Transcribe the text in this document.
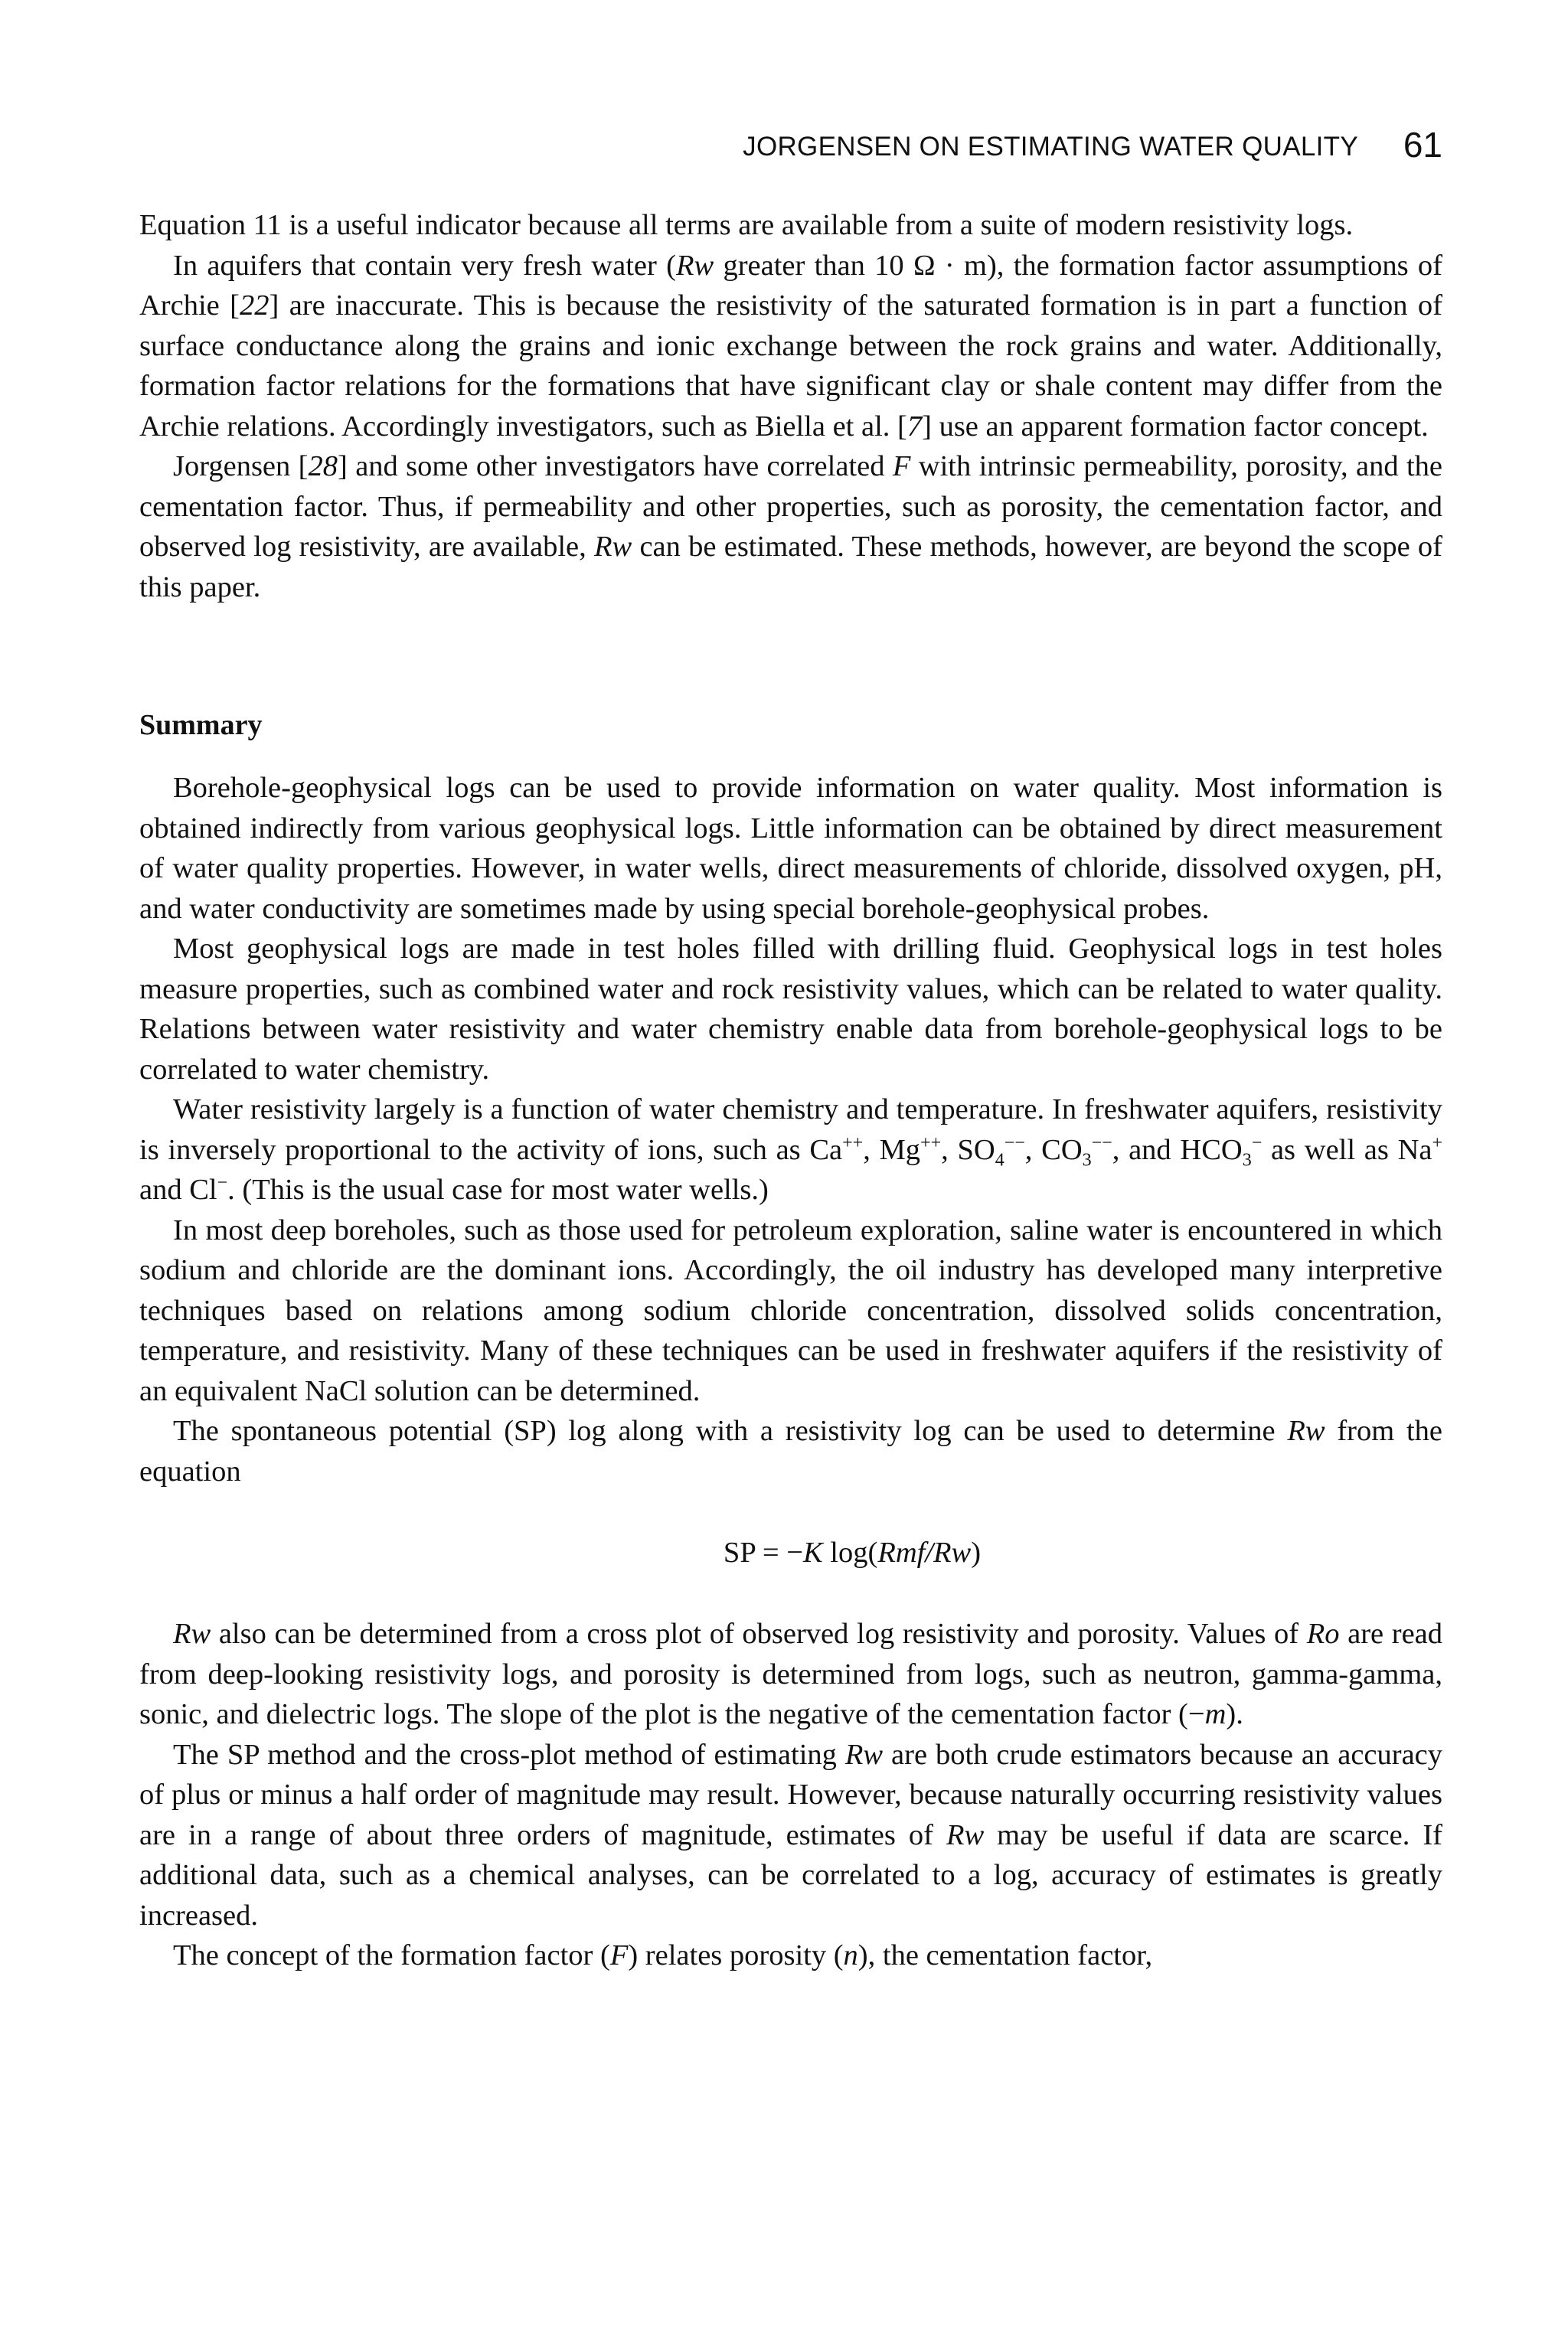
JORGENSEN ON ESTIMATING WATER QUALITY 61

Equation 11 is a useful indicator because all terms are available from a suite of modern resistivity logs.

In aquifers that contain very fresh water (Rw greater than 10 Ω · m), the formation factor assumptions of Archie [22] are inaccurate. This is because the resistivity of the saturated formation is in part a function of surface conductance along the grains and ionic exchange between the rock grains and water. Additionally, formation factor relations for the formations that have significant clay or shale content may differ from the Archie relations. Accordingly investigators, such as Biella et al. [7] use an apparent formation factor concept.

Jorgensen [28] and some other investigators have correlated F with intrinsic permeability, porosity, and the cementation factor. Thus, if permeability and other properties, such as porosity, the cementation factor, and observed log resistivity, are available, Rw can be estimated. These methods, however, are beyond the scope of this paper.

Summary

Borehole-geophysical logs can be used to provide information on water quality. Most information is obtained indirectly from various geophysical logs. Little information can be obtained by direct measurement of water quality properties. However, in water wells, direct measurements of chloride, dissolved oxygen, pH, and water conductivity are sometimes made by using special borehole-geophysical probes.

Most geophysical logs are made in test holes filled with drilling fluid. Geophysical logs in test holes measure properties, such as combined water and rock resistivity values, which can be related to water quality. Relations between water resistivity and water chemistry enable data from borehole-geophysical logs to be correlated to water chemistry.

Water resistivity largely is a function of water chemistry and temperature. In freshwater aquifers, resistivity is inversely proportional to the activity of ions, such as Ca++, Mg++, $SO_4^{--}$, $CO_3^{--}$, and $HCO_3^-$ as well as Na+ and Cl−. (This is the usual case for most water wells.)

In most deep boreholes, such as those used for petroleum exploration, saline water is encountered in which sodium and chloride are the dominant ions. Accordingly, the oil industry has developed many interpretive techniques based on relations among sodium chloride concentration, dissolved solids concentration, temperature, and resistivity. Many of these techniques can be used in freshwater aquifers if the resistivity of an equivalent NaCl solution can be determined.

The spontaneous potential (SP) log along with a resistivity log can be used to determine Rw from the equation

SP = −K log(Rmf/Rw)

Rw also can be determined from a cross plot of observed log resistivity and porosity. Values of Ro are read from deep-looking resistivity logs, and porosity is determined from logs, such as neutron, gamma-gamma, sonic, and dielectric logs. The slope of the plot is the negative of the cementation factor (−m).

The SP method and the cross-plot method of estimating Rw are both crude estimators because an accuracy of plus or minus a half order of magnitude may result. However, because naturally occurring resistivity values are in a range of about three orders of magnitude, estimates of Rw may be useful if data are scarce. If additional data, such as a chemical analyses, can be correlated to a log, accuracy of estimates is greatly increased.

The concept of the formation factor (F) relates porosity (n), the cementation factor,
